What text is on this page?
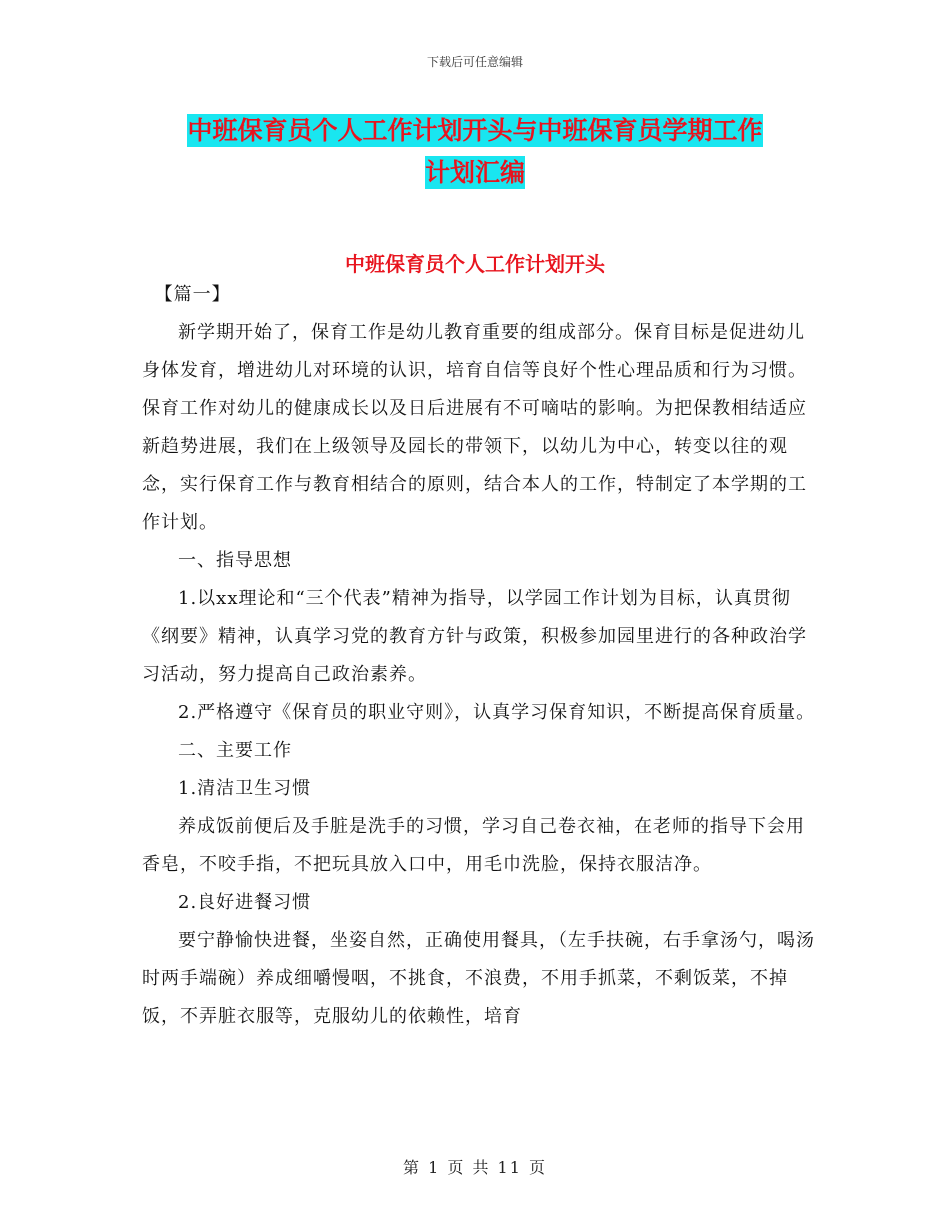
下载后可任意编辑
中班保育员个人工作计划开头与中班保育员学期工作
计划汇编
中班保育员个人工作计划开头

【篇一】

新学期开始了，保育工作是幼儿教育重要的组成部分。保育目标是促进幼儿身体发育，增进幼儿对环境的认识，培育自信等良好个性心理品质和行为习惯。保育工作对幼儿的健康成长以及日后进展有不可嘀咕的影响。为把保教相结适应新趋势进展，我们在上级领导及园长的带领下，以幼儿为中心，转变以往的观念，实行保育工作与教育相结合的原则，结合本人的工作，特制定了本学期的工作计划。

一、指导思想

1.以xx理论和“三个代表”精神为指导，以学园工作计划为目标，认真贯彻《纲要》精神，认真学习党的教育方针与政策，积极参加园里进行的各种政治学习活动，努力提高自己政治素养。

2.严格遵守《保育员的职业守则》，认真学习保育知识，不断提高保育质量。

二、主要工作

1.清洁卫生习惯

养成饭前便后及手脏是洗手的习惯，学习自己卷衣袖，在老师的指导下会用香皂，不咬手指，不把玩具放入口中，用毛巾洗脸，保持衣服洁净。

2.良好进餐习惯

要宁静愉快进餐，坐姿自然，正确使用餐具，（左手扶碗，右手拿汤勺，喝汤时两手端碗）养成细嚼慢咽，不挑食，不浪费，不用手抓菜，不剩饭菜，不掉饭，不弄脏衣服等，克服幼儿的依赖性，培育

第 1 页 共 11 页
